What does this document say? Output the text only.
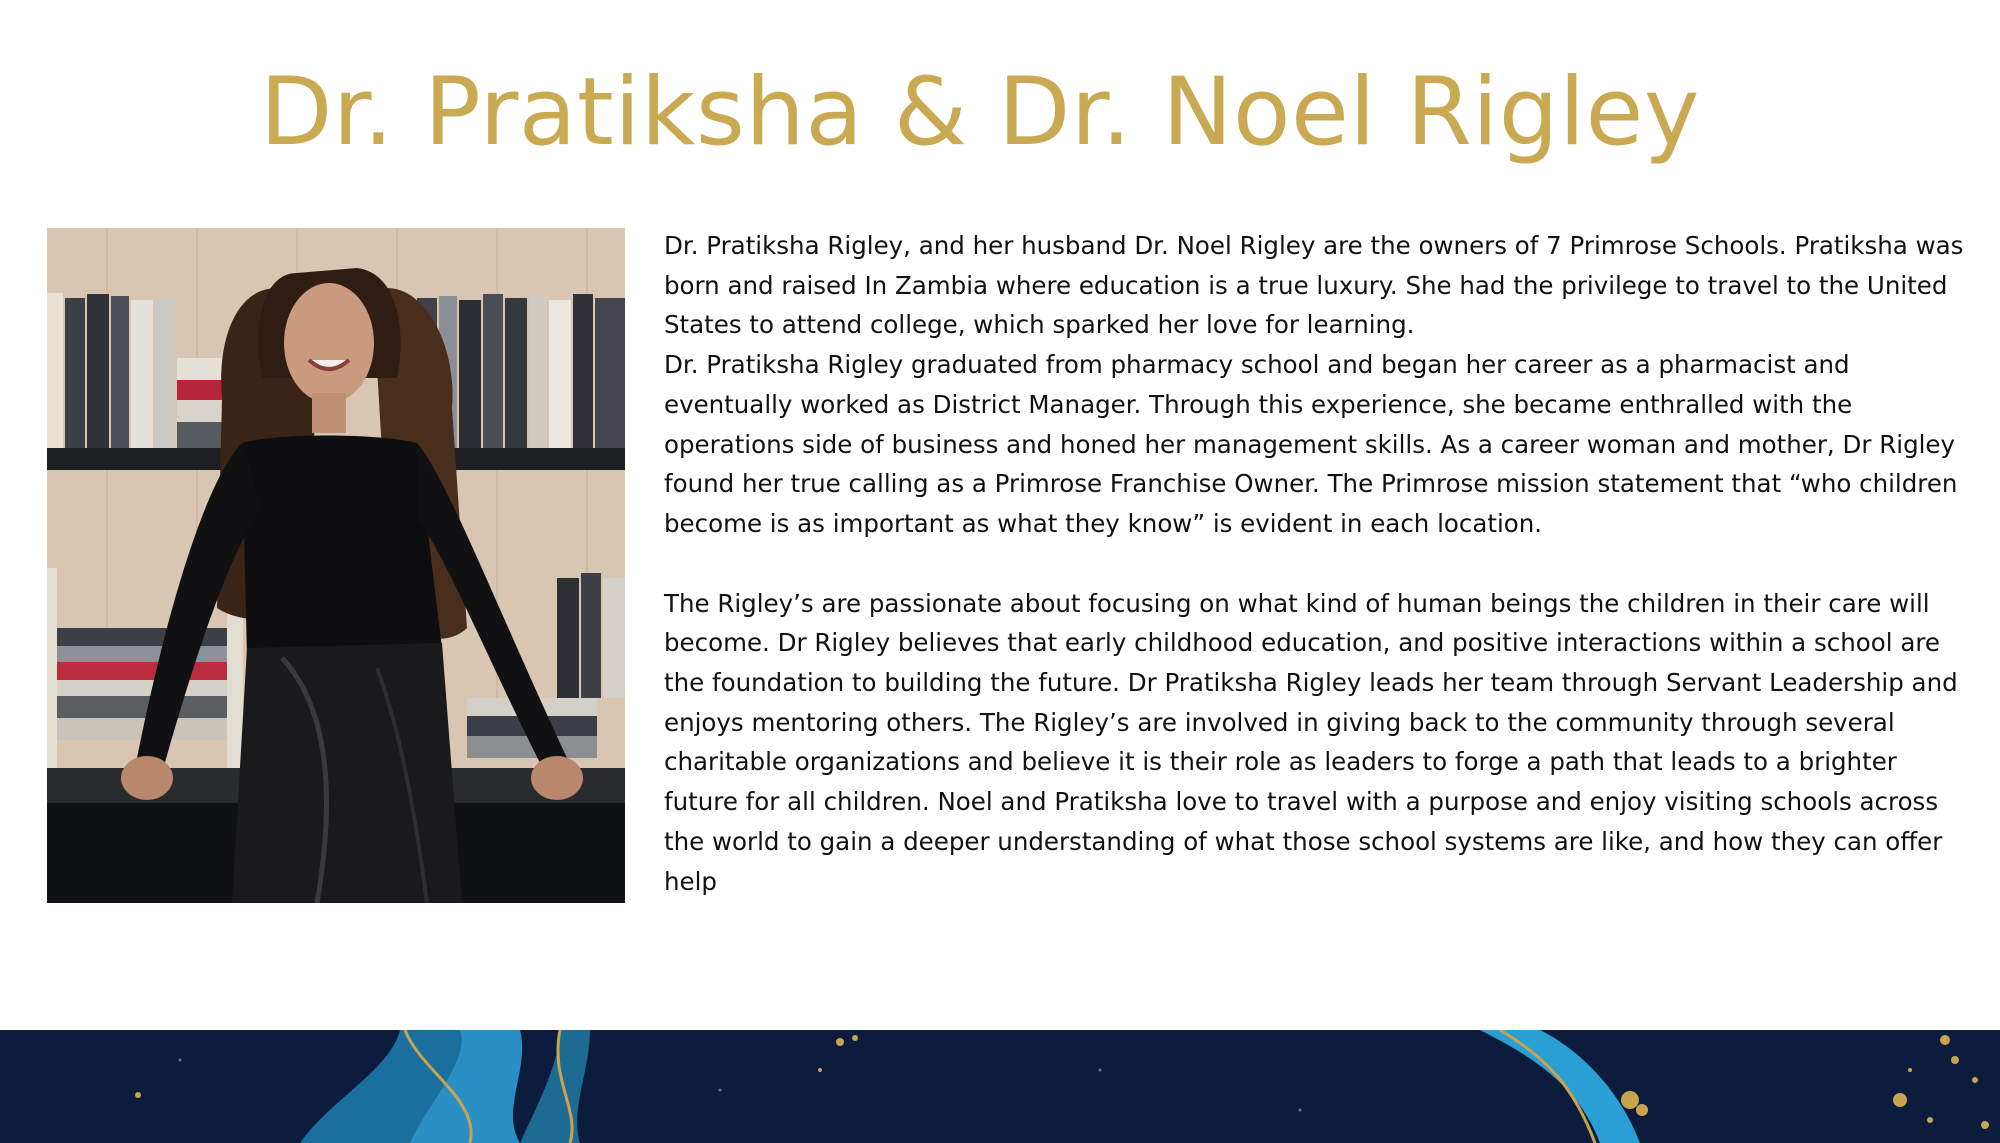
Dr. Pratiksha & Dr. Noel Rigley

Dr. Pratiksha Rigley, and her husband Dr. Noel Rigley are the owners of 7 Primrose Schools. Pratiksha was born and raised In Zambia where education is a true luxury. She had the privilege to travel to the United States to attend college, which sparked her love for learning.

Dr. Pratiksha Rigley graduated from pharmacy school and began her career as a pharmacist and eventually worked as District Manager. Through this experience, she became enthralled with the operations side of business and honed her management skills. As a career woman and mother, Dr Rigley found her true calling as a Primrose Franchise Owner. The Primrose mission statement that “who children become is as important as what they know” is evident in each location.

The Rigley’s are passionate about focusing on what kind of human beings the children in their care will become. Dr Rigley believes that early childhood education, and positive interactions within a school are the foundation to building the future. Dr Pratiksha Rigley leads her team through Servant Leadership and enjoys mentoring others. The Rigley’s are involved in giving back to the community through several charitable organizations and believe it is their role as leaders to forge a path that leads to a brighter future for all children. Noel and Pratiksha love to travel with a purpose and enjoy visiting schools across the world to gain a deeper understanding of what those school systems are like, and how they can offer help
